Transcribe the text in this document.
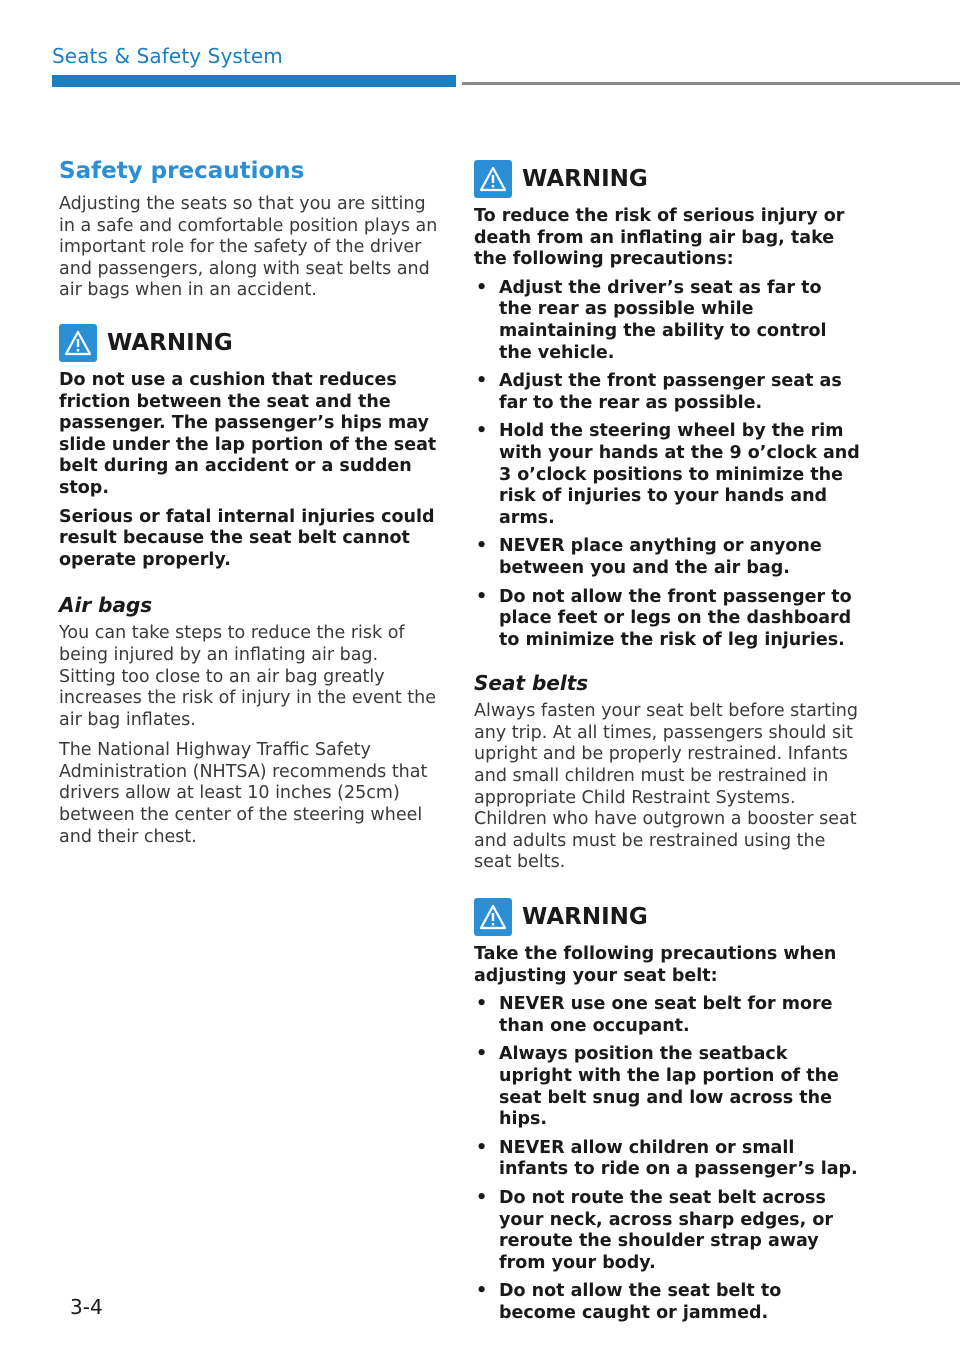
Seats & Safety System
Safety precautions

Adjusting the seats so that you are sitting in a safe and comfortable position plays an important role for the safety of the driver and passengers, along with seat belts and air bags when in an accident.

WARNING

Do not use a cushion that reduces friction between the seat and the passenger. The passenger’s hips may slide under the lap portion of the seat belt during an accident or a sudden stop.

Serious or fatal internal injuries could result because the seat belt cannot operate properly.

Air bags

You can take steps to reduce the risk of being injured by an inflating air bag. Sitting too close to an air bag greatly increases the risk of injury in the event the air bag inflates.

The National Highway Traffic Safety Administration (NHTSA) recommends that drivers allow at least 10 inches (25cm) between the center of the steering wheel and their chest.

WARNING

To reduce the risk of serious injury or death from an inflating air bag, take the following precautions:

• Adjust the driver’s seat as far to the rear as possible while maintaining the ability to control the vehicle.
• Adjust the front passenger seat as far to the rear as possible.
• Hold the steering wheel by the rim with your hands at the 9 o’clock and 3 o’clock positions to minimize the risk of injuries to your hands and arms.
• NEVER place anything or anyone between you and the air bag.
• Do not allow the front passenger to place feet or legs on the dashboard to minimize the risk of leg injuries.
Seat belts

Always fasten your seat belt before starting any trip. At all times, passengers should sit upright and be properly restrained. Infants and small children must be restrained in appropriate Child Restraint Systems. Children who have outgrown a booster seat and adults must be restrained using the seat belts.

WARNING

Take the following precautions when adjusting your seat belt:

• NEVER use one seat belt for more than one occupant.
• Always position the seatback upright with the lap portion of the seat belt snug and low across the hips.
• NEVER allow children or small infants to ride on a passenger’s lap.
• Do not route the seat belt across your neck, across sharp edges, or reroute the shoulder strap away from your body.
• Do not allow the seat belt to become caught or jammed.
3-4
